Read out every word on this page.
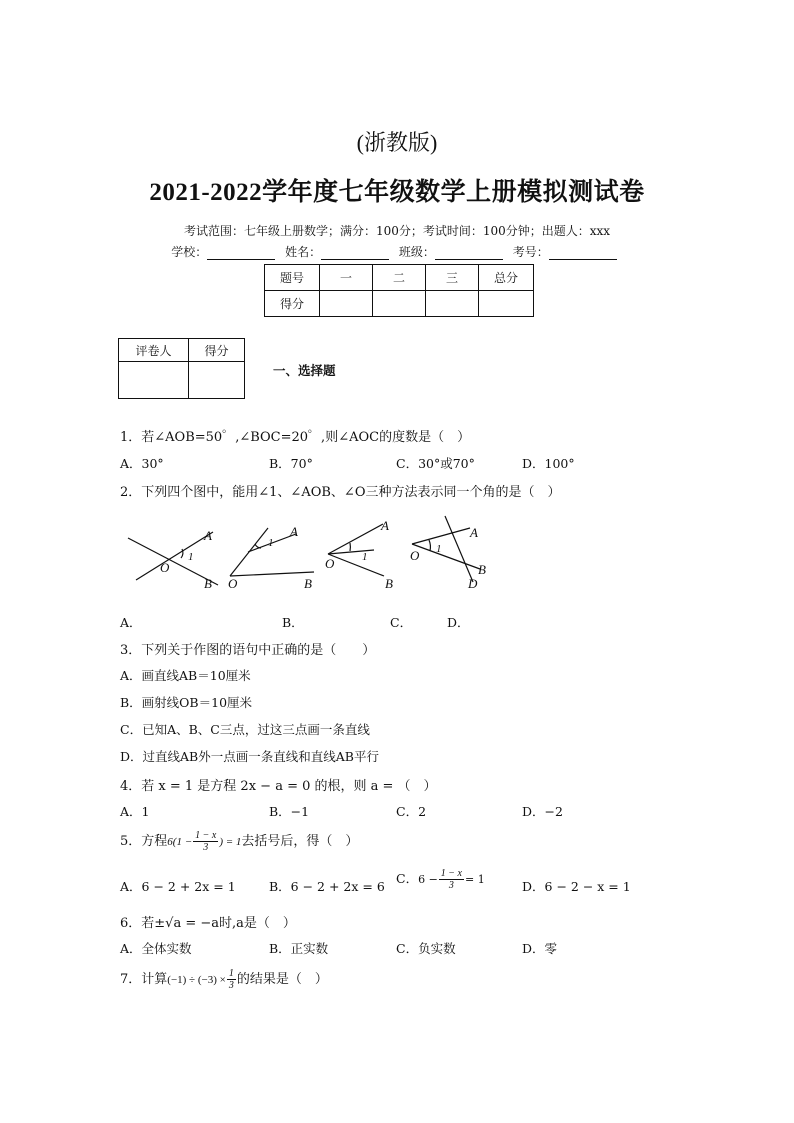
(浙教版)
2021-2022学年度七年级数学上册模拟测试卷
考试范围：七年级上册数学；满分：100分；考试时间：100分钟；出题人：xxx
学校：	姓名：	班级：	考号：
题号	一	二	三	总分
得分				
评卷人	得分

一、选择题
1．若∠AOB=50゜,∠BOC=20゜,则∠AOC的度数是（　）
A．30°	B．70°	C．30°或70°	D．100°
2．下列四个图中，能用∠1、∠AOB、∠O三种方法表示同一个角的是（　）
A
1
O
B
A
1
O	B
A
1
O
B
A
1
O
B
D
A．	B．	C．	D．
3．下列关于作图的语句中正确的是（　　）
A．画直线AB＝10厘米
B．画射线OB＝10厘米
C．已知A、B、C三点，过这三点画一条直线
D．过直线AB外一点画一条直线和直线AB平行
4．若 x = 1 是方程 2x − a = 0 的根，则 a = （　）
A．1	B．−1	C．2	D．−2
5．方程$6(1 - \frac{1 - x}{3}$ ) = 1去括号后，得（　）
A．6 − 2 + 2x = 1	B．6 − 2 + 2x = 6
C．$6 - \frac{1 - x}{3} = 1$	D．6 − 2 − x = 1
6．若±√a = −a时,a是（　）
A．全体实数	B．正实数	C．负实数	D．零
7．计算$(-1) \div (-3) \times \frac{1}{3}$ 的结果是（　）
